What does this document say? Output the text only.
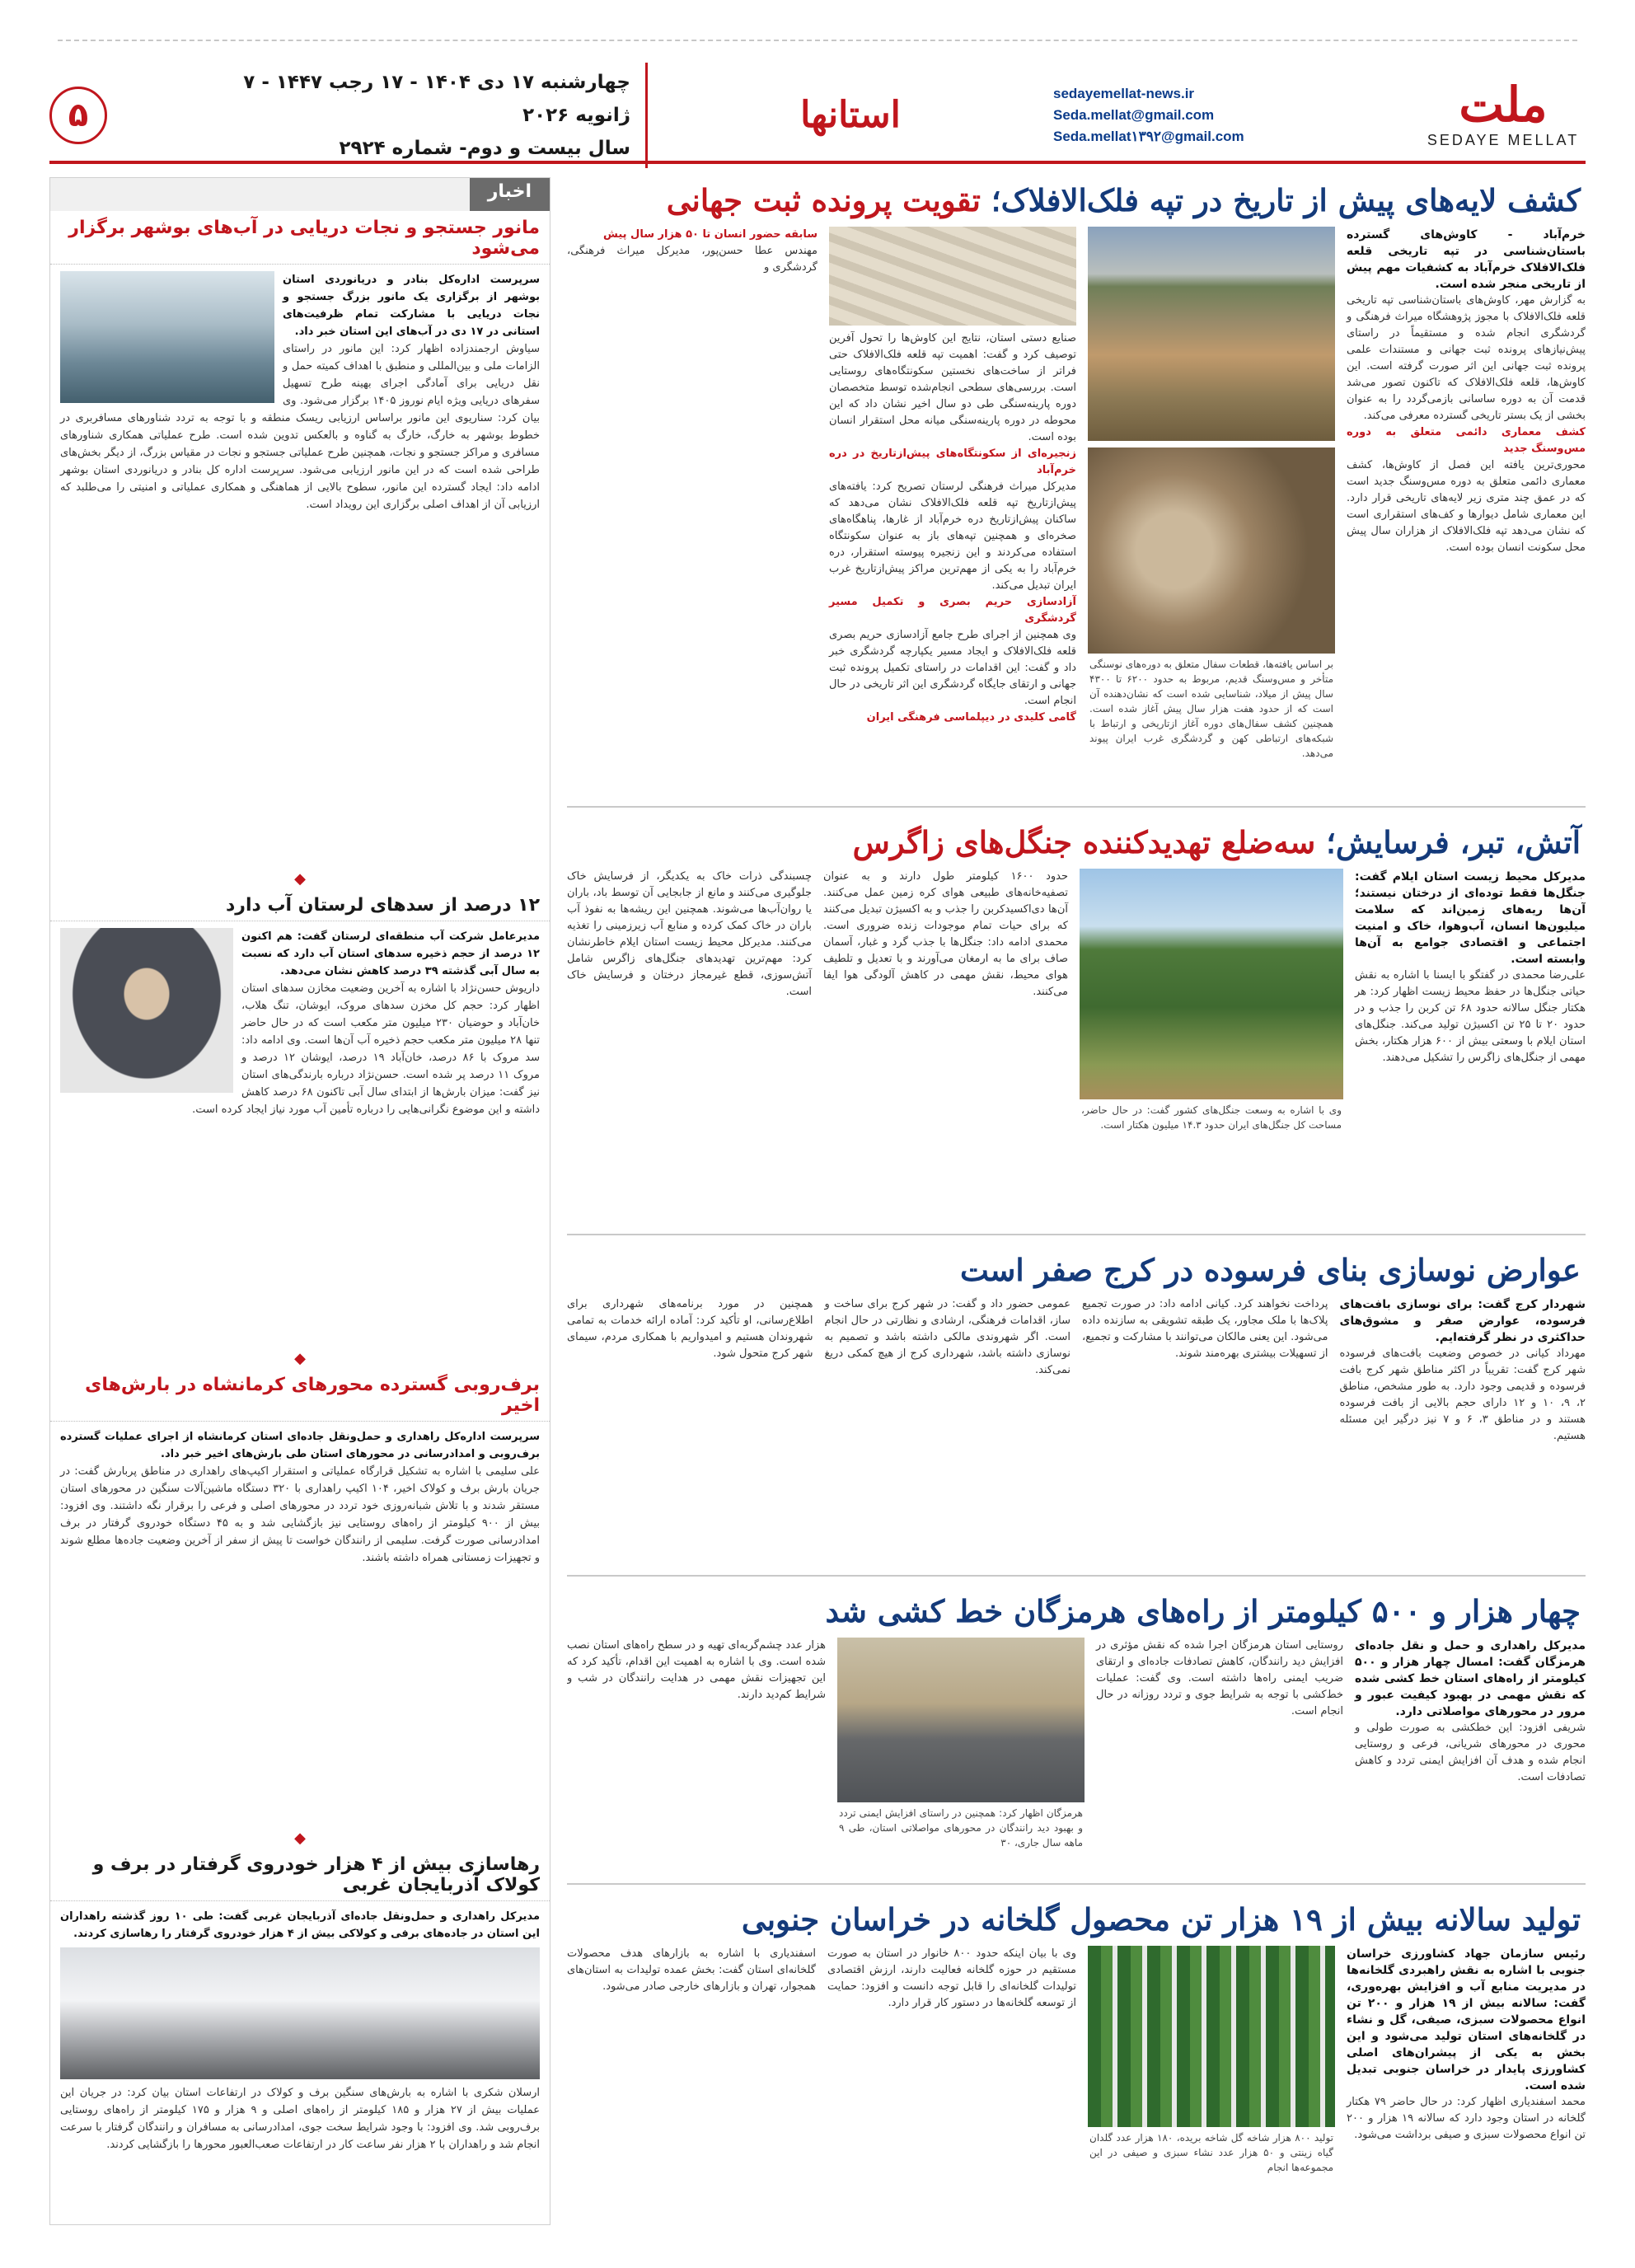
ملت
SEDAYE MELLAT
sedayemellat-news.ir
Seda.mellat@gmail.com
Seda.mellat۱۳۹۲@gmail.com
استانها
چهارشنبه ۱۷ دی ۱۴۰۴ - ۱۷ رجب ۱۴۴۷ - ۷ ژانویه ۲۰۲۶
سال بیست و دوم- شماره ۲۹۲۴
۵
کشف لایه‌های پیش از تاریخ در تپه فلک‌الافلاک؛ تقویت پرونده ثبت جهانی

خرم‌آباد - کاوش‌های گسترده باستان‌شناسی در تپه تاریخی قلعه فلک‌الافلاک خرم‌آباد به کشفیات مهم پیش از تاریخی منجر شده است.

به گزارش مهر، کاوش‌های باستان‌شناسی تپه تاریخی قلعه فلک‌الافلاک با مجوز پژوهشگاه میراث فرهنگی و گردشگری انجام شده و مستقیماً در راستای پیش‌نیاز‌های پرونده ثبت جهانی و مستندات علمی پرونده ثبت جهانی این اثر صورت گرفته است. این کاوش‌ها، قلعه فلک‌الافلاک که تاکنون تصور می‌شد قدمت آن به دوره ساسانی بازمی‌گردد را به عنوان بخشی از یک بستر تاریخی گسترده معرفی می‌کند.

کشف معماری دائمی متعلق به دوره مس‌وسنگ جدید

محوری‌ترین یافته این فصل از کاوش‌ها، کشف معماری دائمی متعلق به دوره مس‌وسنگ جدید است که در عمق چند متری زیر لایه‌های تاریخی قرار دارد. این معماری شامل دیوارها و کف‌های استقراری است که نشان می‌دهد تپه فلک‌الافلاک از هزاران سال پیش محل سکونت انسان بوده است.

بر اساس یافته‌ها، قطعات سفال متعلق به دوره‌های نوسنگی متأخر و مس‌وسنگ قدیم، مربوط به حدود ۶۲۰۰ تا ۴۳۰۰ سال پیش از میلاد، شناسایی شده است که نشان‌دهنده آن است که از حدود هفت هزار سال پیش آغاز شده است. همچنین کشف سفال‌های دوره آغاز ازتاریخی و ارتباط با شبکه‌های ارتباطی کهن و گردشگری غرب ایران پیوند می‌دهد.

صنایع دستی استان، نتایج این کاوش‌ها را تحول آفرین توصیف کرد و گفت: اهمیت تپه قلعه فلک‌الافلاک حتی فراتر از ساخت‌های نخستین سکونتگاه‌های روستایی است. بررسی‌های سطحی انجام‌شده توسط متخصصان دوره پارینه‌سنگی طی دو سال اخیر نشان داد که این محوطه در دوره پارینه‌سنگی میانه محل استقرار انسان بوده است.

زنجیره‌ای از سکونتگاه‌های پیش‌ازتاریخ در دره خرم‌آباد

مدیرکل میراث فرهنگی لرستان تصریح کرد: یافته‌های پیش‌ازتاریخ تپه قلعه فلک‌الافلاک نشان می‌دهد که ساکنان پیش‌ازتاریخ دره خرم‌آباد از غارها، پناهگاه‌های صخره‌ای و همچنین تپه‌های باز به عنوان سکونتگاه استفاده می‌کردند و این زنجیره پیوسته استقرار، دره خرم‌آباد را به یکی از مهم‌ترین مراکز پیش‌ازتاریخ غرب ایران تبدیل می‌کند.

آزادسازی حریم بصری و تکمیل مسیر گردشگری

وی همچنین از اجرای طرح جامع آزادسازی حریم بصری قلعه فلک‌الافلاک و ایجاد مسیر یکپارچه گردشگری خبر داد و گفت: این اقدامات در راستای تکمیل پرونده ثبت جهانی و ارتقای جایگاه گردشگری این اثر تاریخی در حال انجام است.

گامی کلیدی در دیپلماسی فرهنگی ایران

سابقه حضور انسان تا ۵۰ هزار سال پیش

مهندس عطا حسن‌پور، مدیرکل میراث فرهنگی، گردشگری و

آتش، تبر، فرسایش؛ سه‌ضلع تهدیدکننده جنگل‌های زاگرس

مدیرکل محیط زیست استان ایلام گفت: جنگل‌ها فقط توده‌ای از درختان نیستند؛ آن‌ها ریه‌های زمین‌اند که سلامت میلیون‌ها انسان، آب‌وهوا، خاک و امنیت اجتماعی و اقتصادی جوامع به آن‌ها وابسته است.

علی‌رضا محمدی در گفتگو با ایسنا با اشاره به نقش حیاتی جنگل‌ها در حفظ محیط زیست اظهار کرد: هر هکتار جنگل سالانه حدود ۶۸ تن کربن را جذب و در حدود ۲۰ تا ۲۵ تن اکسیژن تولید می‌کند. جنگل‌های استان ایلام با وسعتی بیش از ۶۰۰ هزار هکتار، بخش مهمی از جنگل‌های زاگرس را تشکیل می‌دهند.

وی با اشاره به وسعت جنگل‌های کشور گفت: در حال حاضر، مساحت کل جنگل‌های ایران حدود ۱۴.۳ میلیون هکتار است.
حدود ۱۶۰۰ کیلومتر طول دارند و به عنوان تصفیه‌خانه‌های طبیعی هوای کره زمین عمل می‌کنند. آن‌ها دی‌اکسیدکربن را جذب و به اکسیژن تبدیل می‌کنند که برای حیات تمام موجودات زنده ضروری است. محمدی ادامه داد: جنگل‌ها با جذب گرد و غبار، آسمان صاف برای ما به ارمغان می‌آورند و با تعدیل و تلطیف هوای محیط، نقش مهمی در کاهش آلودگی هوا ایفا می‌کنند.
چسبندگی ذرات خاک به یکدیگر، از فرسایش خاک جلوگیری می‌کنند و مانع از جابجایی آن توسط باد، باران یا روان‌آب‌ها می‌شوند. همچنین این ریشه‌ها به نفوذ آب باران در خاک کمک کرده و منابع آب زیرزمینی را تغذیه می‌کنند. مدیرکل محیط زیست استان ایلام خاطرنشان کرد: مهم‌ترین تهدیدهای جنگل‌های زاگرس شامل آتش‌سوزی، قطع غیرمجاز درختان و فرسایش خاک است.
عوارض نوسازی بنای فرسوده در کرج صفر است

شهردار کرج گفت: برای نوسازی بافت‌های فرسوده، عوارض صفر و مشوق‌های حداکثری در نظر گرفته‌ایم.

مهرداد کیانی در خصوص وضعیت بافت‌های فرسوده شهر کرج گفت: تقریباً در اکثر مناطق شهر کرج بافت فرسوده و قدیمی وجود دارد. به طور مشخص، مناطق ۲، ۹، ۱۰ و ۱۲ دارای حجم بالایی از بافت فرسوده هستند و در مناطق ۳، ۶ و ۷ نیز درگیر این مسئله هستیم.

پرداخت نخواهند کرد. کیانی ادامه داد: در صورت تجمیع پلاک‌ها با ملک مجاور، یک طبقه تشویقی به سازنده داده می‌شود. این یعنی مالکان می‌توانند با مشارکت و تجمیع، از تسهیلات بیشتری بهره‌مند شوند.
عمومی حضور داد و گفت: در شهر کرج برای ساخت و ساز، اقدامات فرهنگی، ارشادی و نظارتی در حال انجام است. اگر شهروندی مالکی داشته باشد و تصمیم به نوسازی داشته باشد، شهرداری کرج از هیچ کمکی دریغ نمی‌کند.
همچنین در مورد برنامه‌های شهرداری برای اطلاع‌رسانی، او تأکید کرد: آماده ارائه خدمات به تمامی شهروندان هستیم و امیدواریم با همکاری مردم، سیمای شهر کرج متحول شود.
چهار هزار و ۵۰۰ کیلومتر از راه‌های هرمزگان خط کشی شد

مدیرکل راهداری و حمل و نقل جاده‌ای هرمزگان گفت: امسال چهار هزار و ۵۰۰ کیلومتر از راه‌های استان خط کشی شده که نقش مهمی در بهبود کیفیت عبور و مرور در محورهای مواصلاتی دارد.

شریفی افزود: این خطکشی به صورت طولی و محوری در محورهای شریانی، فرعی و روستایی انجام شده و هدف آن افزایش ایمنی تردد و کاهش تصادفات است.

روستایی استان هرمزگان اجرا شده که نقش مؤثری در افزایش دید رانندگان، کاهش تصادفات جاده‌ای و ارتقای ضریب ایمنی راه‌ها داشته است. وی گفت: عملیات خط‌کشی با توجه به شرایط جوی و تردد روزانه در حال انجام است.
هرمزگان اظهار کرد: همچنین در راستای افزایش ایمنی تردد و بهبود دید رانندگان در محورهای مواصلاتی استان، طی ۹ ماهه سال جاری، ۳۰
هزار عدد چشم‌گربه‌ای تهیه و در سطح راه‌های استان نصب شده است. وی با اشاره به اهمیت این اقدام، تأکید کرد که این تجهیزات نقش مهمی در هدایت رانندگان در شب و شرایط کم‌دید دارند.
تولید سالانه بیش از ۱۹ هزار تن محصول گلخانه در خراسان جنوبی

رئیس سازمان جهاد کشاورزی خراسان جنوبی با اشاره به نقش راهبردی گلخانه‌ها در مدیریت منابع آب و افزایش بهره‌وری، گفت: سالانه بیش از ۱۹ هزار و ۲۰۰ تن انواع محصولات سبزی، صیفی، گل و نشاء در گلخانه‌های استان تولید می‌شود و این بخش به یکی از پیشران‌های اصلی کشاورزی پایدار در خراسان جنوبی تبدیل شده است.

محمد اسفندیاری اظهار کرد: در حال حاضر ۷۹ هکتار گلخانه در استان وجود دارد که سالانه ۱۹ هزار و ۲۰۰ تن انواع محصولات سبزی و صیفی برداشت می‌شود.

تولید ۸۰۰ هزار شاخه گل شاخه بریده، ۱۸۰ هزار عدد گلدان گیاه زینتی و ۵۰ هزار عدد نشاء سبزی و صیفی در این مجموعه‌ها انجام
وی با بیان اینکه حدود ۸۰۰ خانوار در استان به صورت مستقیم در حوزه گلخانه فعالیت دارند، ارزش اقتصادی تولیدات گلخانه‌ای را قابل توجه دانست و افزود: حمایت از توسعه گلخانه‌ها در دستور کار قرار دارد.
اسفندیاری با اشاره به بازارهای هدف محصولات گلخانه‌ای استان گفت: بخش عمده تولیدات به استان‌های همجوار، تهران و بازارهای خارجی صادر می‌شود.
اخبار
مانور جستجو و نجات دریایی در آب‌های بوشهر برگزار می‌شود

سرپرست اداره‌کل بنادر و دریانوردی استان بوشهر از برگزاری یک مانور بزرگ جستجو و نجات دریایی با مشارکت تمام ظرفیت‌های استانی در ۱۷ دی در آب‌های این استان خبر داد.

سیاوش ارجمندزاده اظهار کرد: این مانور در راستای الزامات ملی و بین‌المللی و منطبق با اهداف کمیته حمل و نقل دریایی برای آمادگی اجرای بهینه طرح تسهیل سفرهای دریایی ویژه ایام نوروز ۱۴۰۵ برگزار می‌شود. وی بیان کرد: سناریوی این مانور براساس ارزیابی ریسک منطقه و با توجه به تردد شناورهای مسافربری در خطوط بوشهر به خارگ، خارگ به گناوه و بالعکس تدوین شده است. طرح عملیاتی همکاری شناورهای مسافری و مراکز جستجو و نجات، همچنین طرح عملیاتی جستجو و نجات در مقیاس بزرگ، از دیگر بخش‌های طراحی شده است که در این مانور ارزیابی می‌شود. سرپرست اداره کل بنادر و دریانوردی استان بوشهر ادامه داد: ایجاد گسترده این مانور، سطوح بالایی از هماهنگی و همکاری عملیاتی و امنیتی را می‌طلبد که ارزیابی آن از اهداف اصلی برگزاری این رویداد است.

◆
۱۲ درصد از سدهای لرستان آب دارد

مدیرعامل شرکت آب منطقه‌ای لرستان گفت: هم اکنون ۱۲ درصد از حجم ذخیره سدهای استان آب دارد که نسبت به سال آبی گذشته ۳۹ درصد کاهش نشان می‌دهد.

داریوش حسن‌نژاد با اشاره به آخرین وضعیت مخازن سدهای استان اظهار کرد: حجم کل مخزن سدهای مروک، ایوشان، تنگ هلاب، خان‌آباد و حوضیان ۲۳۰ میلیون متر مکعب است که در حال حاضر تنها ۲۸ میلیون متر مکعب حجم ذخیره آب آن‌ها است. وی ادامه داد: سد مروک با ۸۶ درصد، خان‌آباد ۱۹ درصد، ایوشان ۱۲ درصد و مروک ۱۱ درصد پر شده است. حسن‌نژاد درباره بارندگی‌های استان نیز گفت: میزان بارش‌ها از ابتدای سال آبی تاکنون ۶۸ درصد کاهش داشته و این موضوع نگرانی‌هایی را درباره تأمین آب مورد نیاز ایجاد کرده است.

◆
برف‌روبی گسترده محورهای کرمانشاه در بارش‌های اخیر

سرپرست اداره‌کل راهداری و حمل‌ونقل جاده‌ای استان کرمانشاه از اجرای عملیات گسترده برف‌روبی و امدادرسانی در محورهای استان طی بارش‌های اخیر خبر داد.

علی سلیمی با اشاره به تشکیل قرارگاه عملیاتی و استقرار اکیپ‌های راهداری در مناطق پربارش گفت: در جریان بارش برف و کولاک اخیر، ۱۰۴ اکیپ راهداری با ۳۲۰ دستگاه ماشین‌آلات سنگین در محورهای استان مستقر شدند و با تلاش شبانه‌روزی خود تردد در محورهای اصلی و فرعی را برقرار نگه داشتند. وی افزود: بیش از ۹۰۰ کیلومتر از راه‌های روستایی نیز بازگشایی شد و به ۴۵ دستگاه خودروی گرفتار در برف امدادرسانی صورت گرفت. سلیمی از رانندگان خواست تا پیش از سفر از آخرین وضعیت جاده‌ها مطلع شوند و تجهیزات زمستانی همراه داشته باشند.

◆
رهاسازی بیش از ۴ هزار خودروی گرفتار در برف و کولاک آذربایجان غربی

مدیرکل راهداری و حمل‌ونقل جاده‌ای آذربایجان غربی گفت: طی ۱۰ روز گذشته راهداران این استان در جاده‌های برفی و کولاکی بیش از ۴ هزار خودروی گرفتار را رهاسازی کردند.

ارسلان شکری با اشاره به بارش‌های سنگین برف و کولاک در ارتفاعات استان بیان کرد: در جریان این عملیات بیش از ۲۷ هزار و ۱۸۵ کیلومتر از راه‌های اصلی و ۹ هزار و ۱۷۵ کیلومتر از راه‌های روستایی برف‌روبی شد. وی افزود: با وجود شرایط سخت جوی، امدادرسانی به مسافران و رانندگان گرفتار با سرعت انجام شد و راهداران با ۲ هزار نفر ساعت کار در ارتفاعات صعب‌العبور محورها را بازگشایی کردند.
